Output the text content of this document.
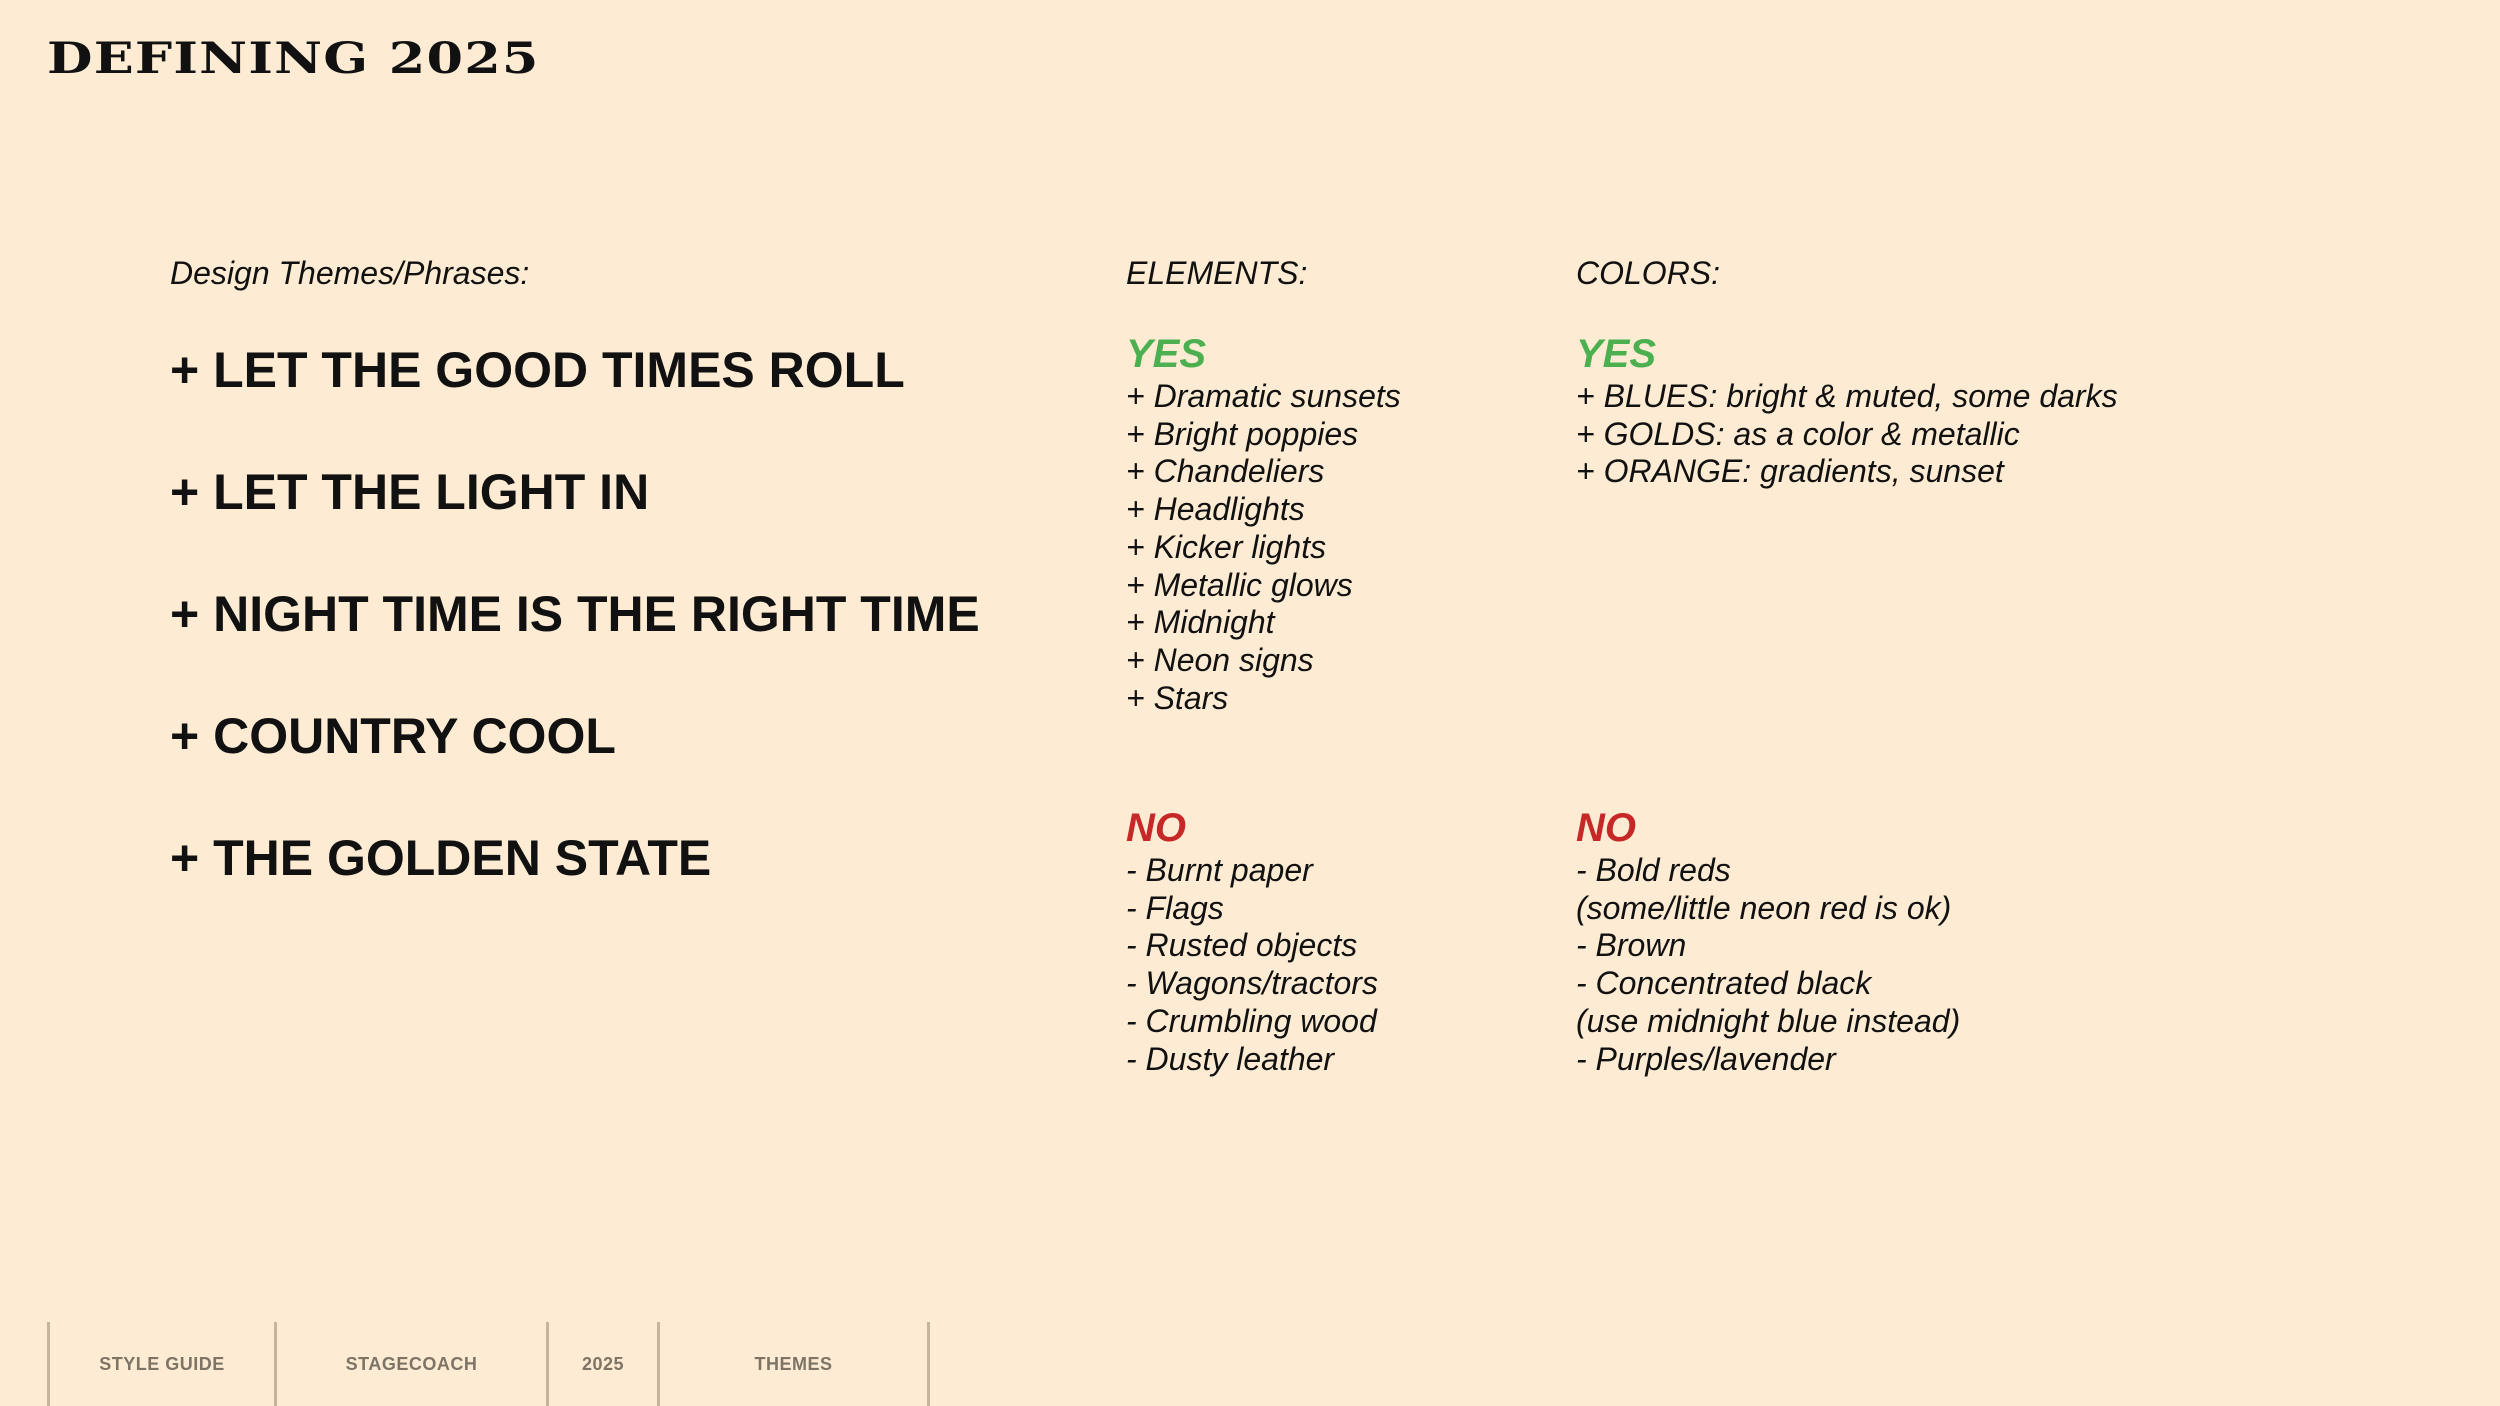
DEFINING 2025
Design Themes/Phrases:	ELEMENTS:	COLORS:
+ LET THE GOOD TIMES ROLL
+ LET THE LIGHT IN
+ NIGHT TIME IS THE RIGHT TIME
+ COUNTRY COOL
+ THE GOLDEN STATE
YES
+ Dramatic sunsets
+ Bright poppies
+ Chandeliers
+ Headlights
+ Kicker lights
+ Metallic glows
+ Midnight
+ Neon signs
+ Stars
NO
- Burnt paper
- Flags
- Rusted objects
- Wagons/tractors
- Crumbling wood
- Dusty leather
YES
+ BLUES: bright & muted, some darks
+ GOLDS: as a color & metallic
+ ORANGE: gradients, sunset
NO
- Bold reds
(some/little neon red is ok)
- Brown
- Concentrated black
(use midnight blue instead)
- Purples/lavender
STYLE GUIDE	STAGECOACH	2025	THEMES
